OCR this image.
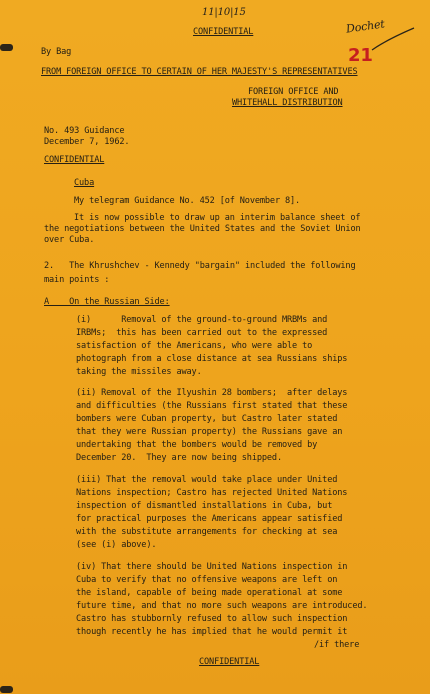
11|10|15
Dochet
21
CONFIDENTIAL
By Bag
FROM FOREIGN OFFICE TO CERTAIN OF HER MAJESTY'S REPRESENTATIVES
FOREIGN OFFICE AND
WHITEHALL DISTRIBUTION
No. 493 Guidance
December 7, 1962.
CONFIDENTIAL
Cuba
My telegram Guidance No. 452 [of November 8].
It is now possible to draw up an interim balance sheet of
the negotiations between the United States and the Soviet Union
over Cuba.
2.   The Khrushchev - Kennedy "bargain" included the following
main points :
A    On the Russian Side:
(i)      Removal of the ground-to-ground MRBMs and
IRBMs;  this has been carried out to the expressed
satisfaction of the Americans, who were able to
photograph from a close distance at sea Russians ships
taking the missiles away.
(ii) Removal of the Ilyushin 28 bombers;  after delays
and difficulties (the Russians first stated that these
bombers were Cuban property, but Castro later stated
that they were Russian property) the Russians gave an
undertaking that the bombers would be removed by
December 20.  They are now being shipped.
(iii) That the removal would take place under United
Nations inspection; Castro has rejected United Nations
inspection of dismantled installations in Cuba, but
for practical purposes the Americans appear satisfied
with the substitute arrangements for checking at sea
(see (i) above).
(iv) That there should be United Nations inspection in
Cuba to verify that no offensive weapons are left on
the island, capable of being made operational at some
future time, and that no more such weapons are introduced.
Castro has stubbornly refused to allow such inspection
though recently he has implied that he would permit it
/if there
CONFIDENTIAL
